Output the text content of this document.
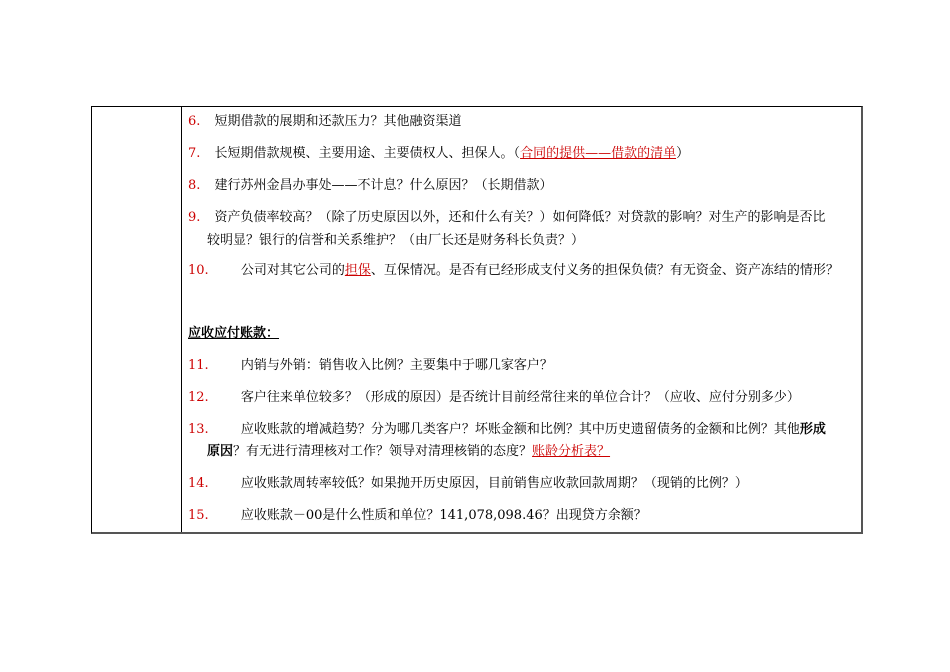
6. 短期借款的展期和还款压力？其他融资渠道
7. 长短期借款规模、主要用途、主要债权人、担保人。（合同的提供——借款的清单）
8. 建行苏州金昌办事处——不计息？什么原因？（长期借款）
9. 资产负债率较高？（除了历史原因以外，还和什么有关？）如何降低？对贷款的影响？对生产的影响是否比
较明显？银行的信誉和关系维护？（由厂长还是财务科长负责？）
10. 公司对其它公司的担保、互保情况。是否有已经形成支付义务的担保负债？有无资金、资产冻结的情形？
应收应付账款：
11. 内销与外销：销售收入比例？主要集中于哪几家客户？
12. 客户往来单位较多？（形成的原因）是否统计目前经常往来的单位合计？（应收、应付分别多少）
13. 应收账款的增减趋势？分为哪几类客户？坏账金额和比例？其中历史遗留债务的金额和比例？其他形成
原因？有无进行清理核对工作？领导对清理核销的态度？账龄分析表？
14. 应收账款周转率较低？如果抛开历史原因，目前销售应收款回款周期？（现销的比例？）
15. 应收账款－00是什么性质和单位？141,078,098.46？出现贷方余额？
